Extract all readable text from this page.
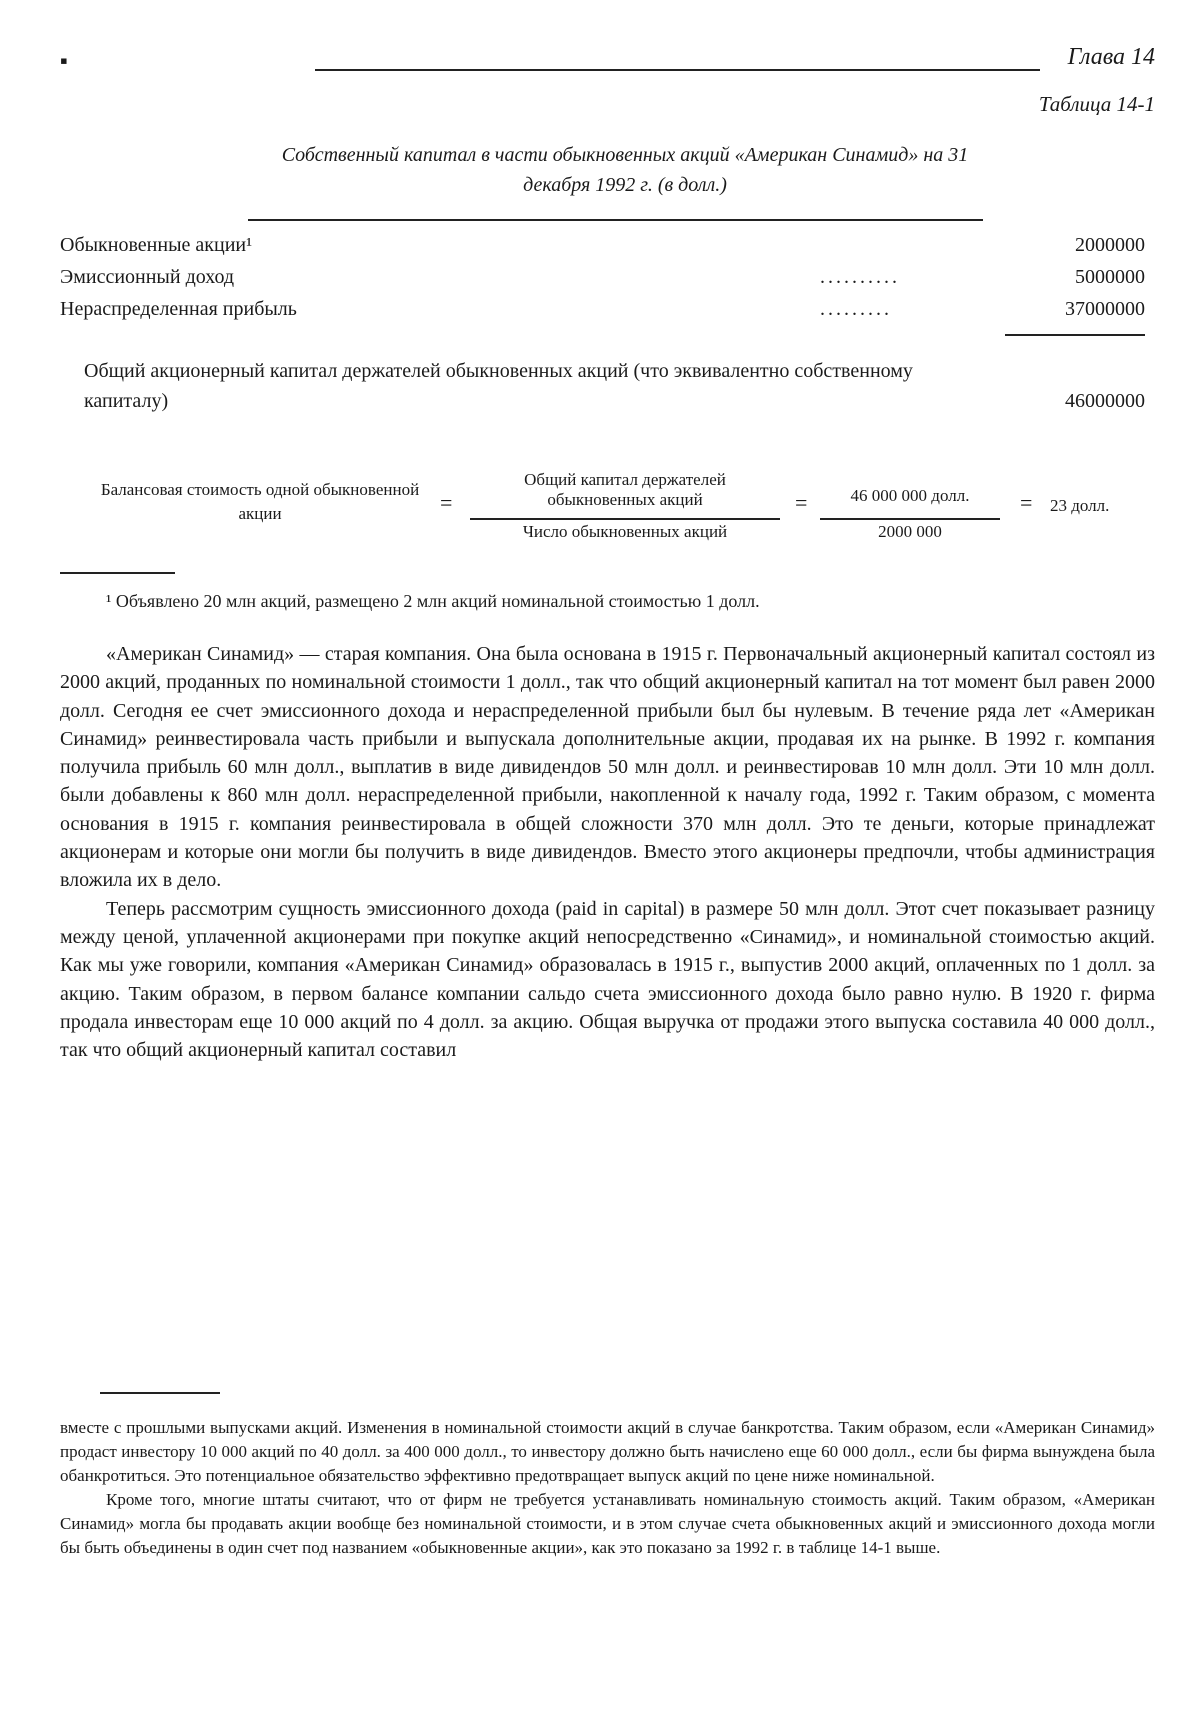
▪	Глава 14
Таблица 14-1
Собственный капитал в части обыкновенных акций «Американ Синамид» на 31 декабря 1992 г. (в долл.)
Обыкновенные акции¹	2000000
Эмиссионный доход	..........	5000000
Нераспределенная прибыль	.........	37000000
Общий акционерный капитал держателей обыкновенных акций (что эквивалентно собственному капиталу)	46000000
Балансовая стоимость одной обыкновенной акции	=
Общий капитал держателей обыкновенных акций
Число обыкновенных акций
=	46 000 000 долл.
2000 000
= 23 долл.
¹ Объявлено 20 млн акций, размещено 2 млн акций номинальной стоимостью 1 долл.

«Американ Синамид» — старая компания. Она была основана в 1915 г. Первоначальный акционерный капитал состоял из 2000 акций, проданных по номинальной стоимости 1 долл., так что общий акционерный капитал на тот момент был равен 2000 долл. Сегодня ее счет эмиссионного дохода и нераспределенной прибыли был бы нулевым. В течение ряда лет «Американ Синамид» реинвестировала часть прибыли и выпускала дополнительные акции, продавая их на рынке. В 1992 г. компания получила прибыль 60 млн долл., выплатив в виде дивидендов 50 млн долл. и реинвестировав 10 млн долл. Эти 10 млн долл. были добавлены к 860 млн долл. нераспределенной прибыли, накопленной к началу года, 1992 г. Таким образом, с момента основания в 1915 г. компания реинвестировала в общей сложности 370 млн долл. Это те деньги, которые принадлежат акционерам и которые они могли бы получить в виде дивидендов. Вместо этого акционеры предпочли, чтобы администрация вложила их в дело.

Теперь рассмотрим сущность эмиссионного дохода (paid in capital) в размере 50 млн долл. Этот счет показывает разницу между ценой, уплаченной акционерами при покупке акций непосредственно «Синамид», и номинальной стоимостью акций. Как мы уже говорили, компания «Американ Синамид» образовалась в 1915 г., выпустив 2000 акций, оплаченных по 1 долл. за акцию. Таким образом, в первом балансе компании сальдо счета эмиссионного дохода было равно нулю. В 1920 г. фирма продала инвесторам еще 10 000 акций по 4 долл. за акцию. Общая выручка от продажи этого выпуска составила 40 000 долл., так что общий акционерный капитал составил

вместе с прошлыми выпусками акций. Изменения в номинальной стоимости акций в случае банкротства. Таким образом, если «Американ Синамид» продаст инвестору 10 000 акций по 40 долл. за 400 000 долл., то инвестору должно быть начислено еще 60 000 долл., если бы фирма вынуждена была обанкротиться. Это потенциальное обязательство эффективно предотвращает выпуск акций по цене ниже номинальной.

Кроме того, многие штаты считают, что от фирм не требуется устанавливать номинальную стоимость акций. Таким образом, «Американ Синамид» могла бы продавать акции вообще без номинальной стоимости, и в этом случае счета обыкновенных акций и эмиссионного дохода могли бы быть объединены в один счет под названием «обыкновенные акции», как это показано за 1992 г. в таблице 14-1 выше.
